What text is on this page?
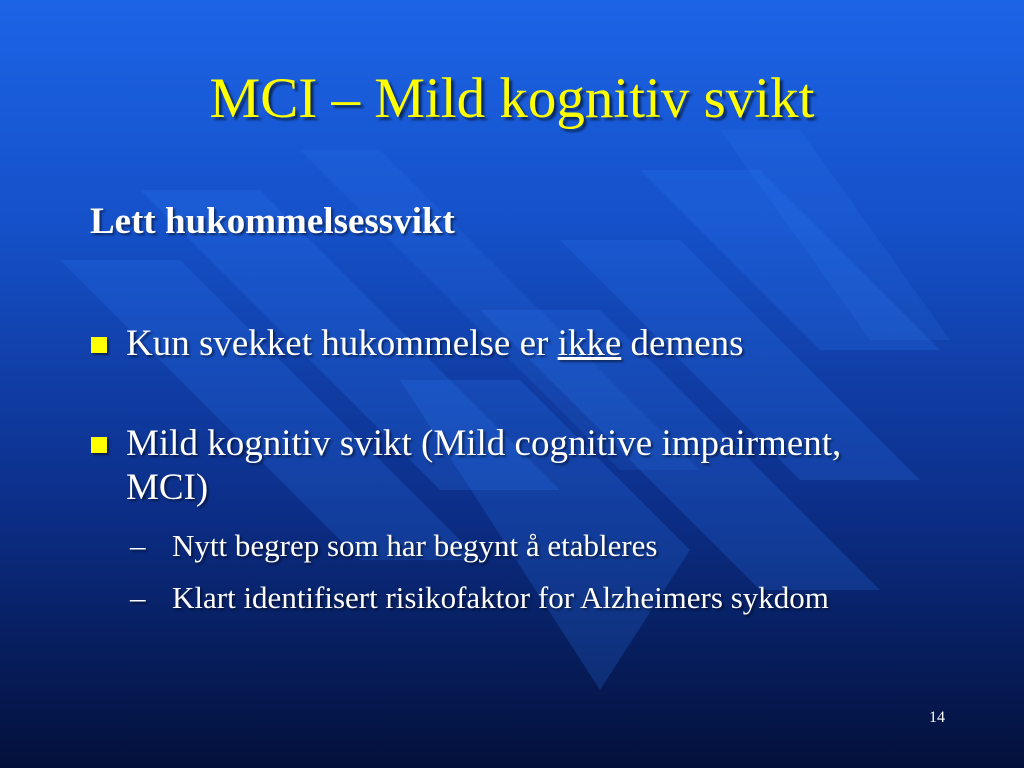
MCI – Mild kognitiv svikt
Lett hukommelsessvikt
Kun svekket hukommelse er ikke demens
Mild kognitiv svikt (Mild cognitive impairment, MCI)
– Nytt begrep som har begynt å etableres
– Klart identifisert risikofaktor for Alzheimers sykdom
14
